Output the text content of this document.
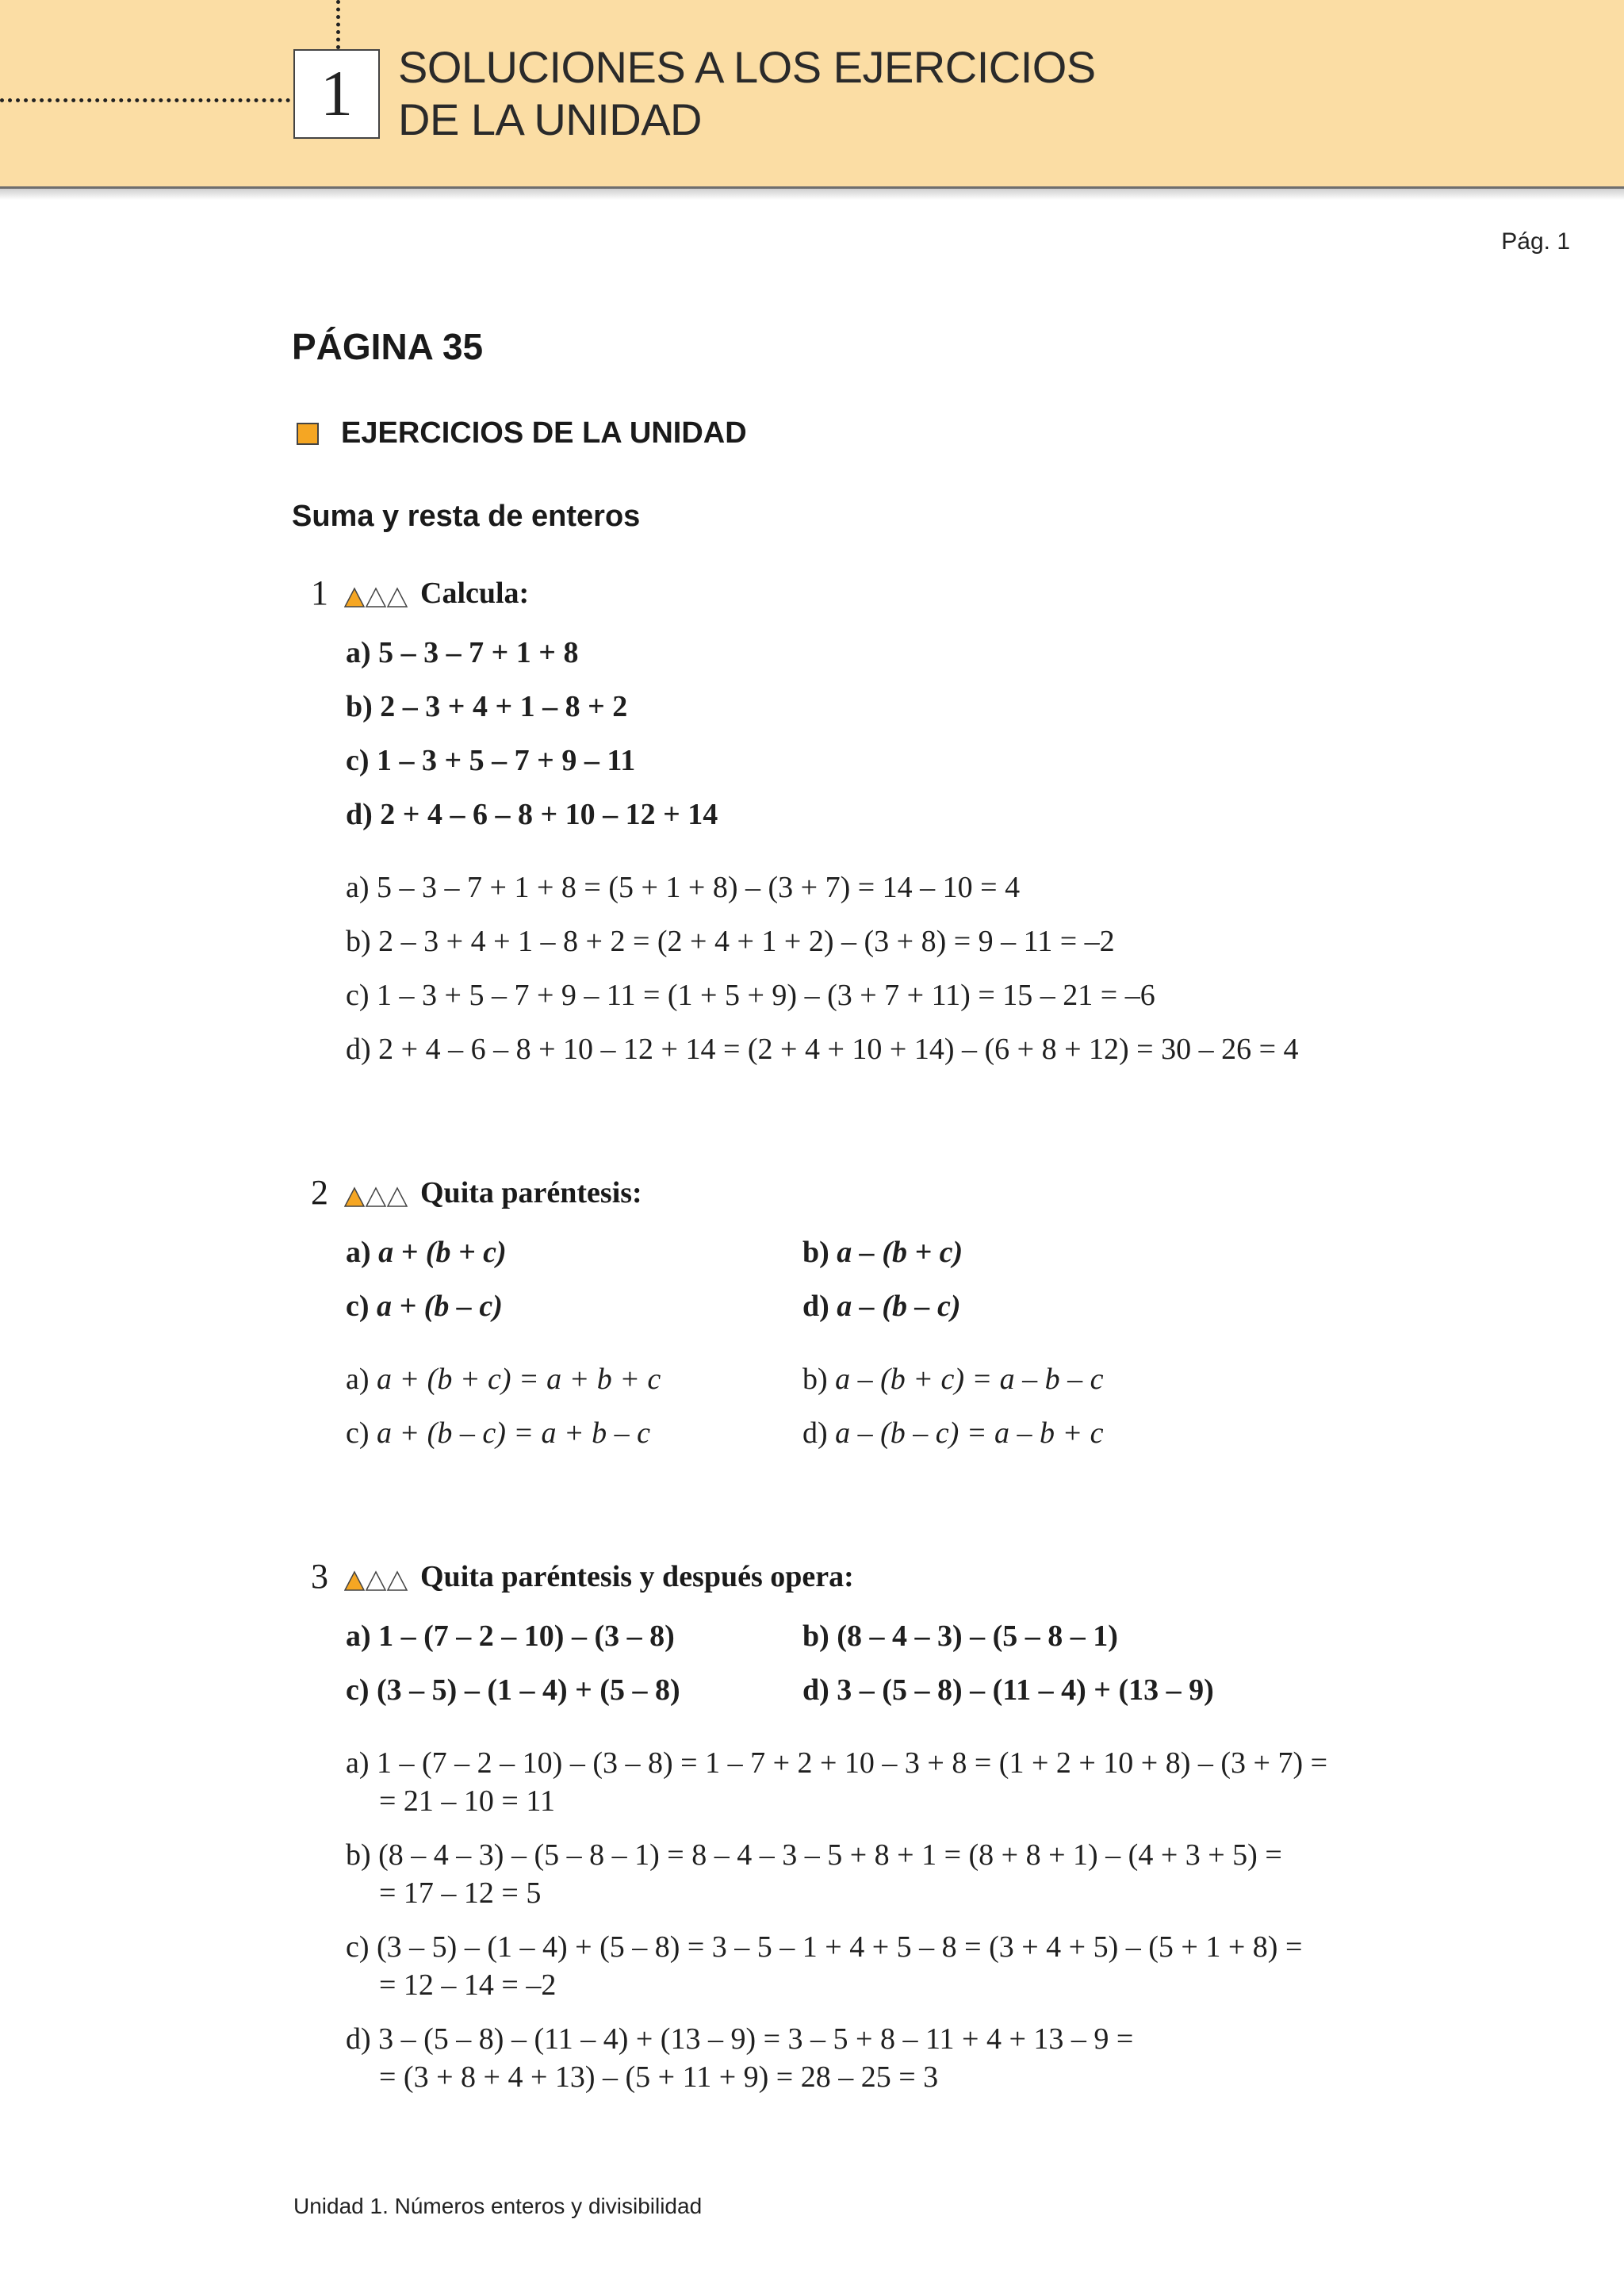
1	SOLUCIONES A LOS EJERCICIOS
DE LA UNIDAD
Pág. 1
PÁGINA 35
EJERCICIOS DE LA UNIDAD
Suma y resta de enteros
1	Calcula:
a) 5 – 3 – 7 + 1 + 8
b) 2 – 3 + 4 + 1 – 8 + 2
c) 1 – 3 + 5 – 7 + 9 – 11
d) 2 + 4 – 6 – 8 + 10 – 12 + 14
a) 5 – 3 – 7 + 1 + 8 = (5 + 1 + 8) – (3 + 7) = 14 – 10 = 4
b) 2 – 3 + 4 + 1 – 8 + 2 = (2 + 4 + 1 + 2) – (3 + 8) = 9 – 11 = –2
c) 1 – 3 + 5 – 7 + 9 – 11 = (1 + 5 + 9) – (3 + 7 + 11) = 15 – 21 = –6
d) 2 + 4 – 6 – 8 + 10 – 12 + 14 = (2 + 4 + 10 + 14) – (6 + 8 + 12) = 30 – 26 = 4
2	Quita paréntesis:
a) a + (b + c)	b) a – (b + c)
c) a + (b – c)	d) a – (b – c)
a) a + (b + c) = a + b + c	b) a – (b + c) = a – b – c
c) a + (b – c) = a + b – c	d) a – (b – c) = a – b + c
3	Quita paréntesis y después opera:
a) 1 – (7 – 2 – 10) – (3 – 8)	b) (8 – 4 – 3) – (5 – 8 – 1)
c) (3 – 5) – (1 – 4) + (5 – 8)	d) 3 – (5 – 8) – (11 – 4) + (13 – 9)
a) 1 – (7 – 2 – 10) – (3 – 8) = 1 – 7 + 2 + 10 – 3 + 8 = (1 + 2 + 10 + 8) – (3 + 7) =
= 21 – 10 = 11
b) (8 – 4 – 3) – (5 – 8 – 1) = 8 – 4 – 3 – 5 + 8 + 1 = (8 + 8 + 1) – (4 + 3 + 5) =
= 17 – 12 = 5
c) (3 – 5) – (1 – 4) + (5 – 8) = 3 – 5 – 1 + 4 + 5 – 8 = (3 + 4 + 5) – (5 + 1 + 8) =
= 12 – 14 = –2
d) 3 – (5 – 8) – (11 – 4) + (13 – 9) = 3 – 5 + 8 – 11 + 4 + 13 – 9 =
= (3 + 8 + 4 + 13) – (5 + 11 + 9) = 28 – 25 = 3
Unidad 1. Números enteros y divisibilidad
